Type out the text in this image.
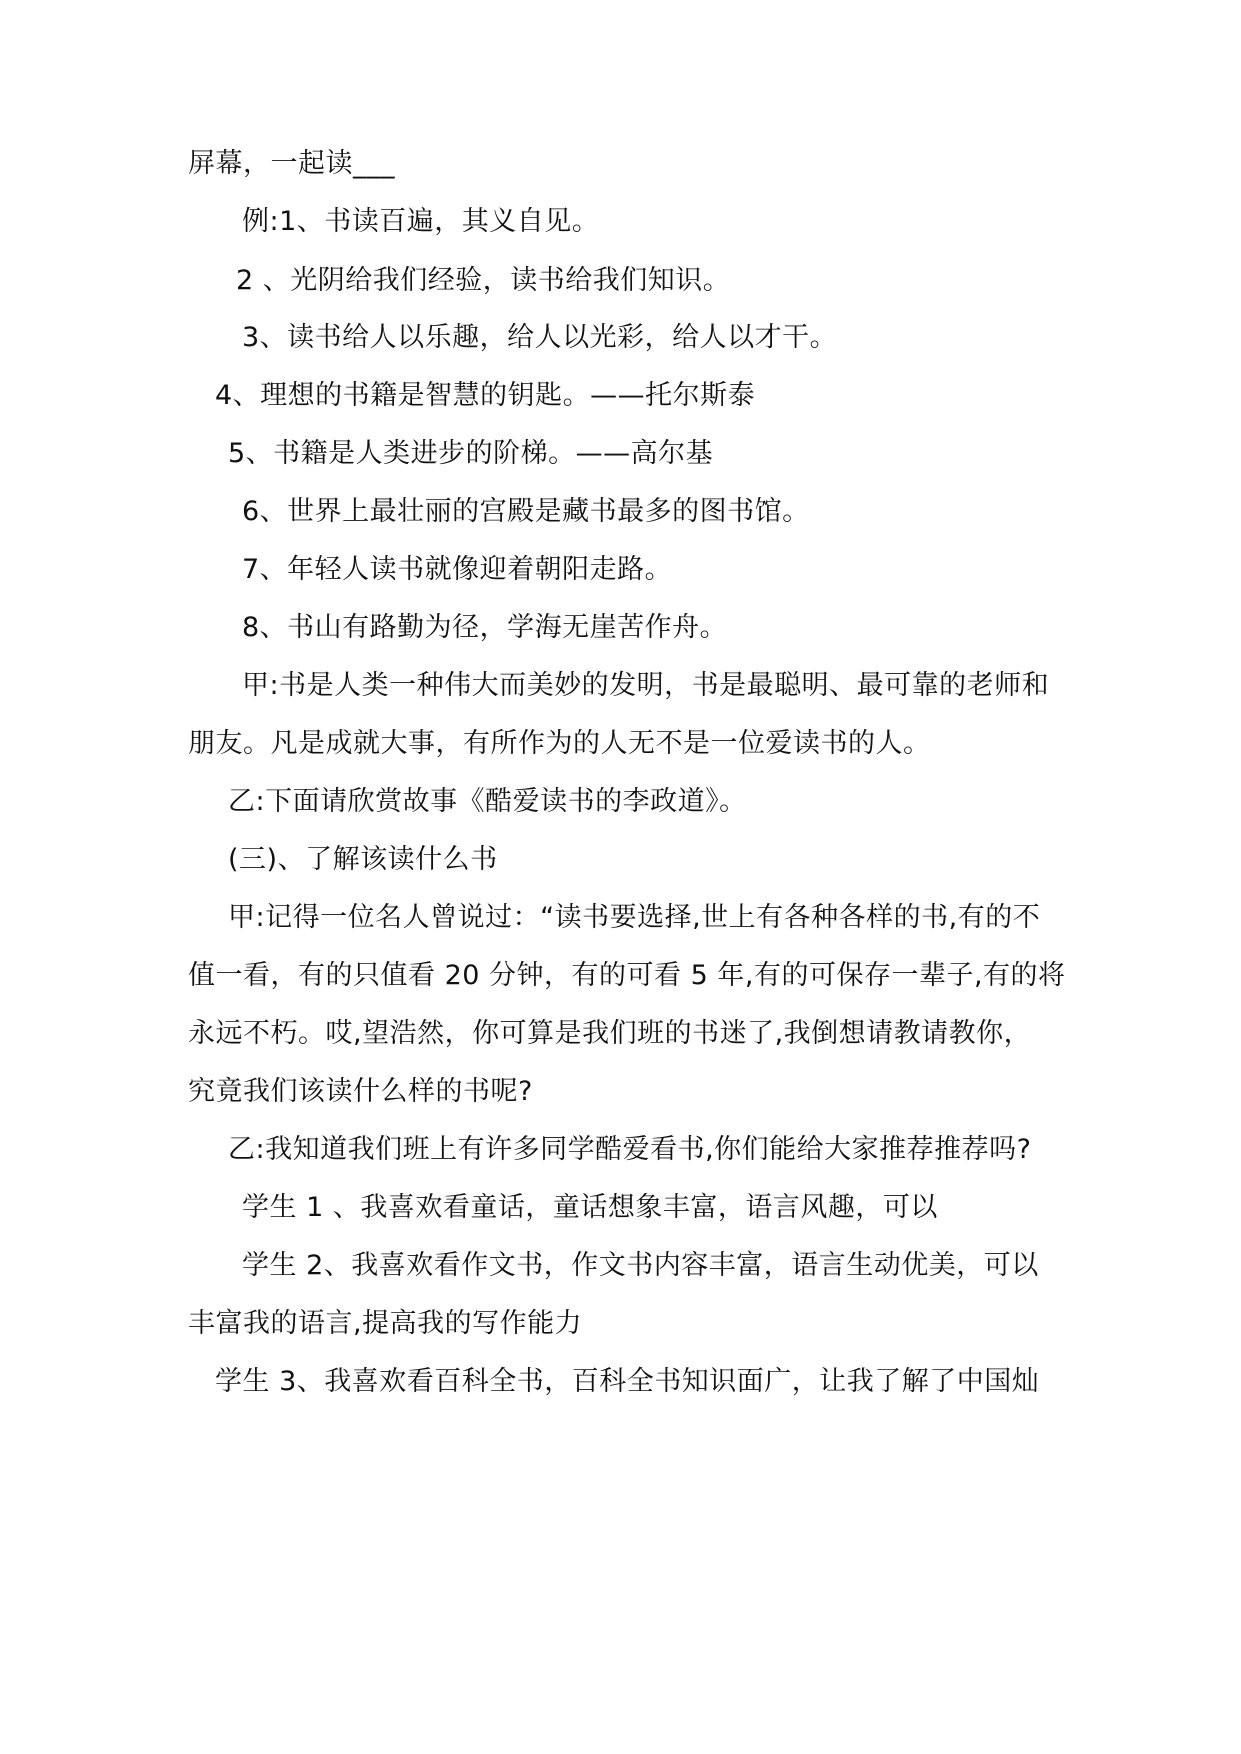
屏幕，一起读___
例:1、书读百遍，其义自见。
2 、光阴给我们经验，读书给我们知识。
3、读书给人以乐趣，给人以光彩，给人以才干。
4、理想的书籍是智慧的钥匙。——托尔斯泰
5、书籍是人类进步的阶梯。——高尔基
6、世界上最壮丽的宫殿是藏书最多的图书馆。
7、年轻人读书就像迎着朝阳走路。
8、书山有路勤为径，学海无崖苦作舟。
甲:书是人类一种伟大而美妙的发明，书是最聪明、最可靠的老师和
朋友。凡是成就大事，有所作为的人无不是一位爱读书的人。
乙:下面请欣赏故事《酷爱读书的李政道》。
(三)、了解该读什么书
甲:记得一位名人曾说过：“读书要选择,世上有各种各样的书,有的不
值一看，有的只值看 20 分钟，有的可看 5 年,有的可保存一辈子,有的将
永远不朽。哎,望浩然，你可算是我们班的书迷了,我倒想请教请教你，
究竟我们该读什么样的书呢?
乙:我知道我们班上有许多同学酷爱看书,你们能给大家推荐推荐吗?
学生 1 、我喜欢看童话，童话想象丰富，语言风趣，可以
学生 2、我喜欢看作文书，作文书内容丰富，语言生动优美，可以
丰富我的语言,提高我的写作能力
学生 3、我喜欢看百科全书，百科全书知识面广，让我了解了中国灿
